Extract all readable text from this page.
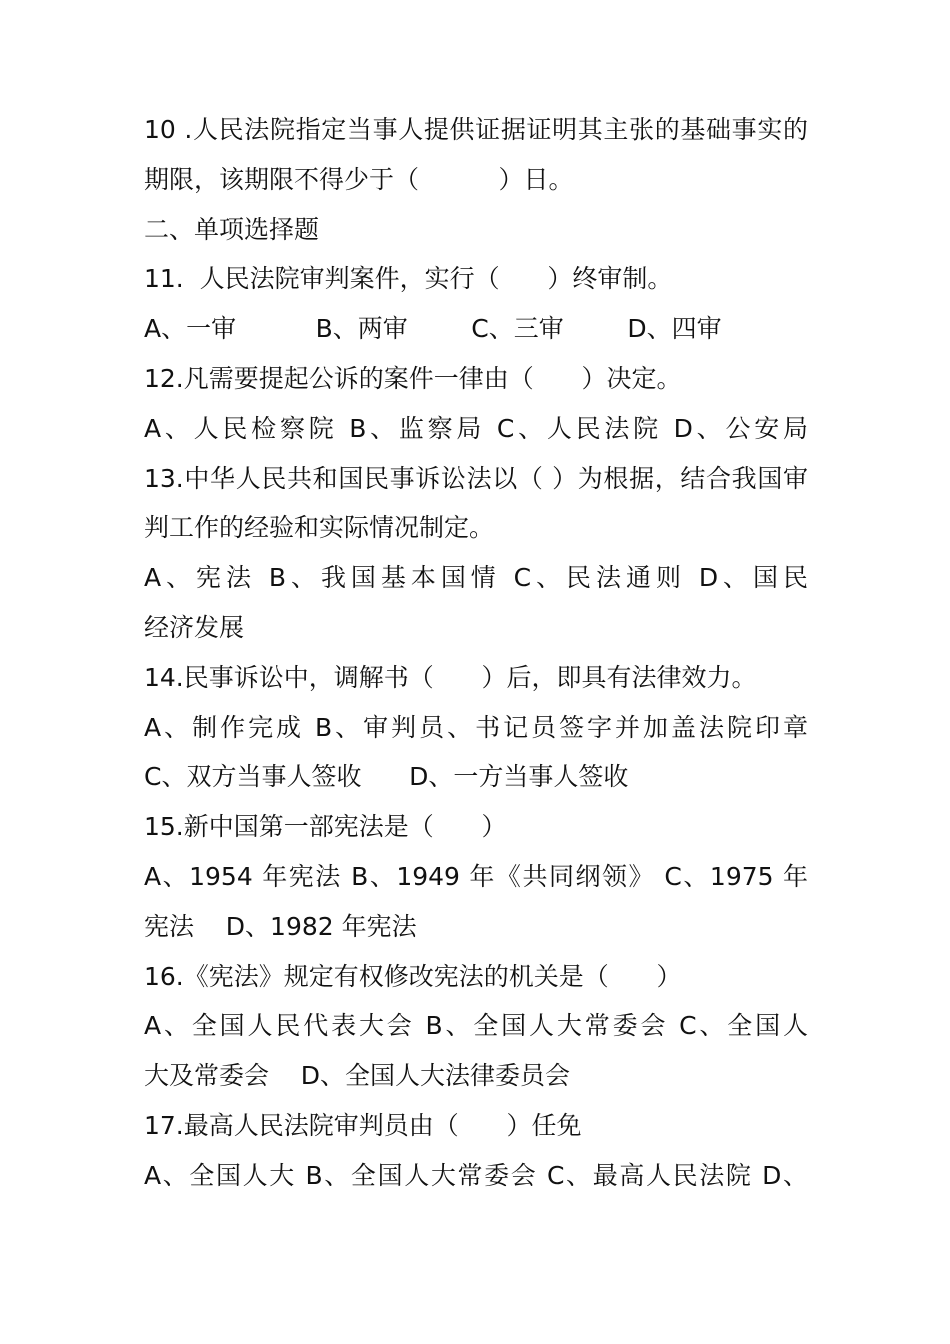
10 .人民法院指定当事人提供证据证明其主张的基础事实的
期限，该期限不得少于（          ）日。
二、单项选择题
11.  人民法院审判案件，实行（      ）终审制。
A、一审          B、两审        C、三审        D、四审
12.凡需要提起公诉的案件一律由（      ）决定。
A、人民检察院 B、监察局 C、人民法院 D、公安局
13.中华人民共和国民事诉讼法以（ ）为根据，结合我国审
判工作的经验和实际情况制定。
A、宪法 B、我国基本国情 C、民法通则 D、国民
经济发展
14.民事诉讼中，调解书（      ）后，即具有法律效力。
A、制作完成 B、审判员、书记员签字并加盖法院印章
C、双方当事人签收      D、一方当事人签收
15.新中国第一部宪法是（      ）
A、1954 年宪法 B、1949 年《共同纲领》 C、1975 年
宪法    D、1982 年宪法
16.《宪法》规定有权修改宪法的机关是（      ）
A、全国人民代表大会 B、全国人大常委会 C、全国人
大及常委会    D、全国人大法律委员会
17.最高人民法院审判员由（      ）任免
A、全国人大 B、全国人大常委会 C、最高人民法院 D、
